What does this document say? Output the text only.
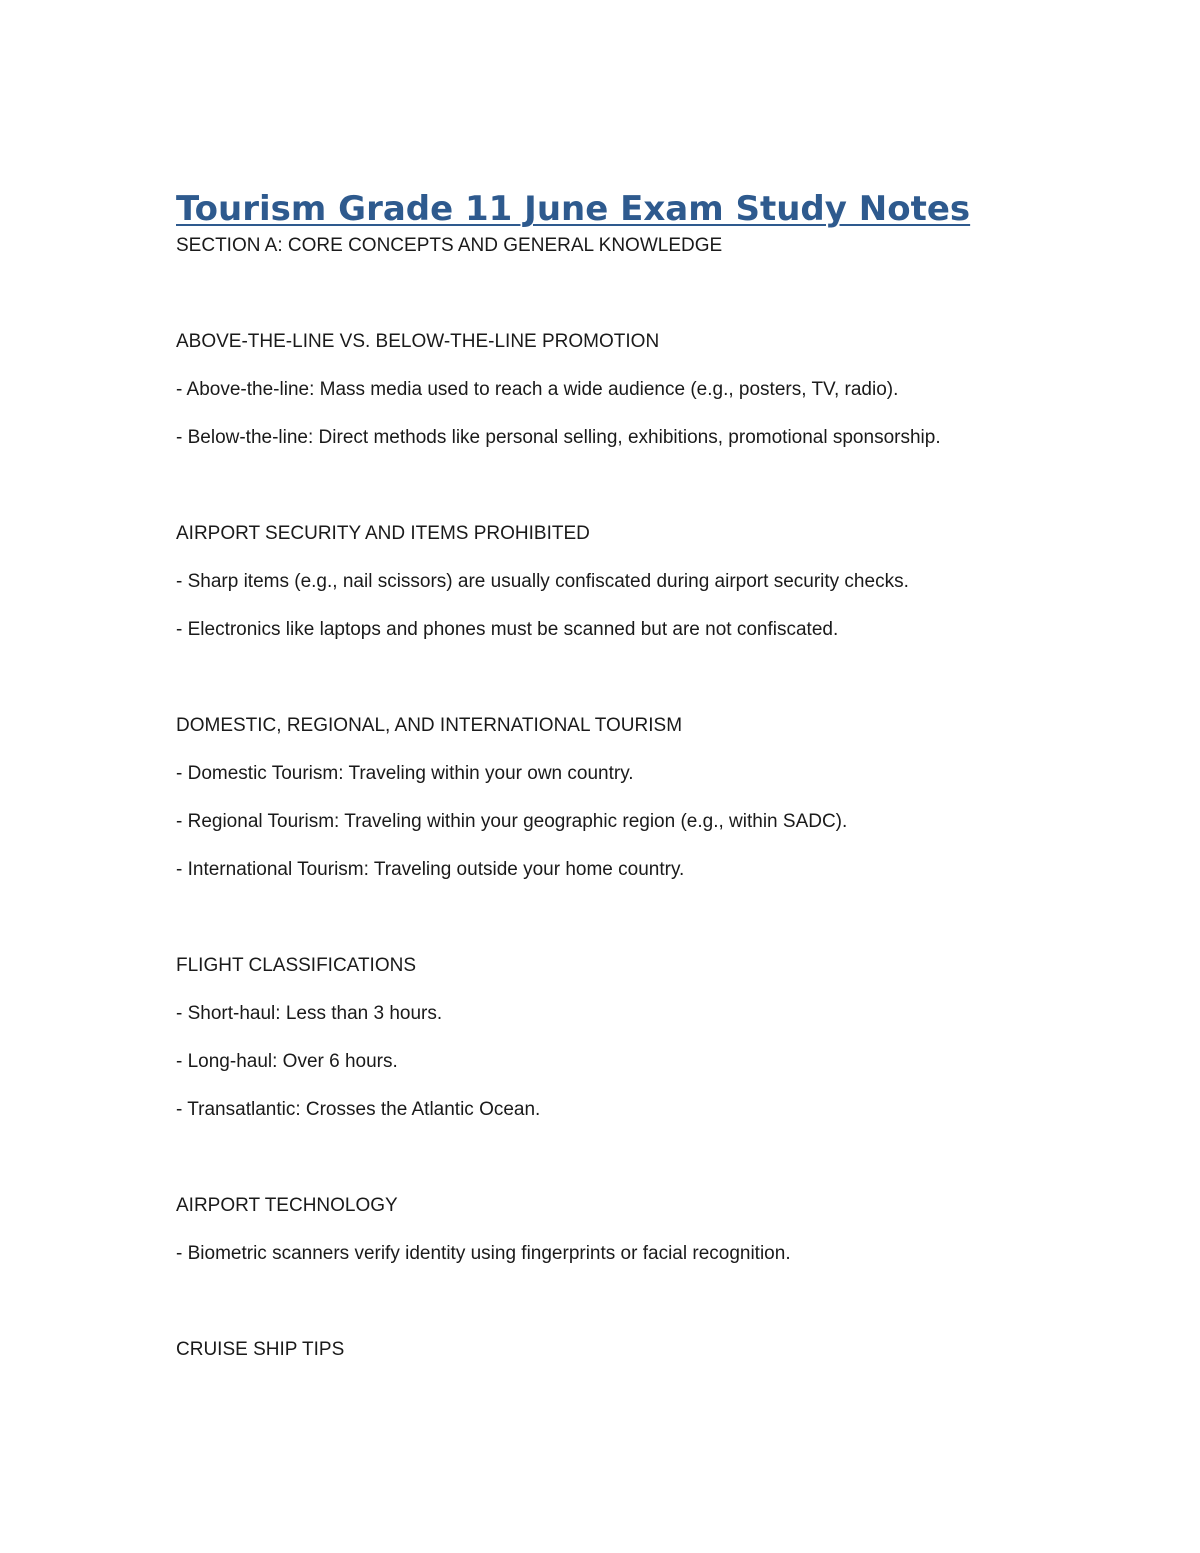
Tourism Grade 11 June Exam Study Notes

SECTION A: CORE CONCEPTS AND GENERAL KNOWLEDGE

ABOVE-THE-LINE VS. BELOW-THE-LINE PROMOTION

- Above-the-line: Mass media used to reach a wide audience (e.g., posters, TV, radio).

- Below-the-line: Direct methods like personal selling, exhibitions, promotional sponsorship.

AIRPORT SECURITY AND ITEMS PROHIBITED

- Sharp items (e.g., nail scissors) are usually confiscated during airport security checks.

- Electronics like laptops and phones must be scanned but are not confiscated.

DOMESTIC, REGIONAL, AND INTERNATIONAL TOURISM

- Domestic Tourism: Traveling within your own country.

- Regional Tourism: Traveling within your geographic region (e.g., within SADC).

- International Tourism: Traveling outside your home country.

FLIGHT CLASSIFICATIONS

- Short-haul: Less than 3 hours.

- Long-haul: Over 6 hours.

- Transatlantic: Crosses the Atlantic Ocean.

AIRPORT TECHNOLOGY

- Biometric scanners verify identity using fingerprints or facial recognition.

CRUISE SHIP TIPS
